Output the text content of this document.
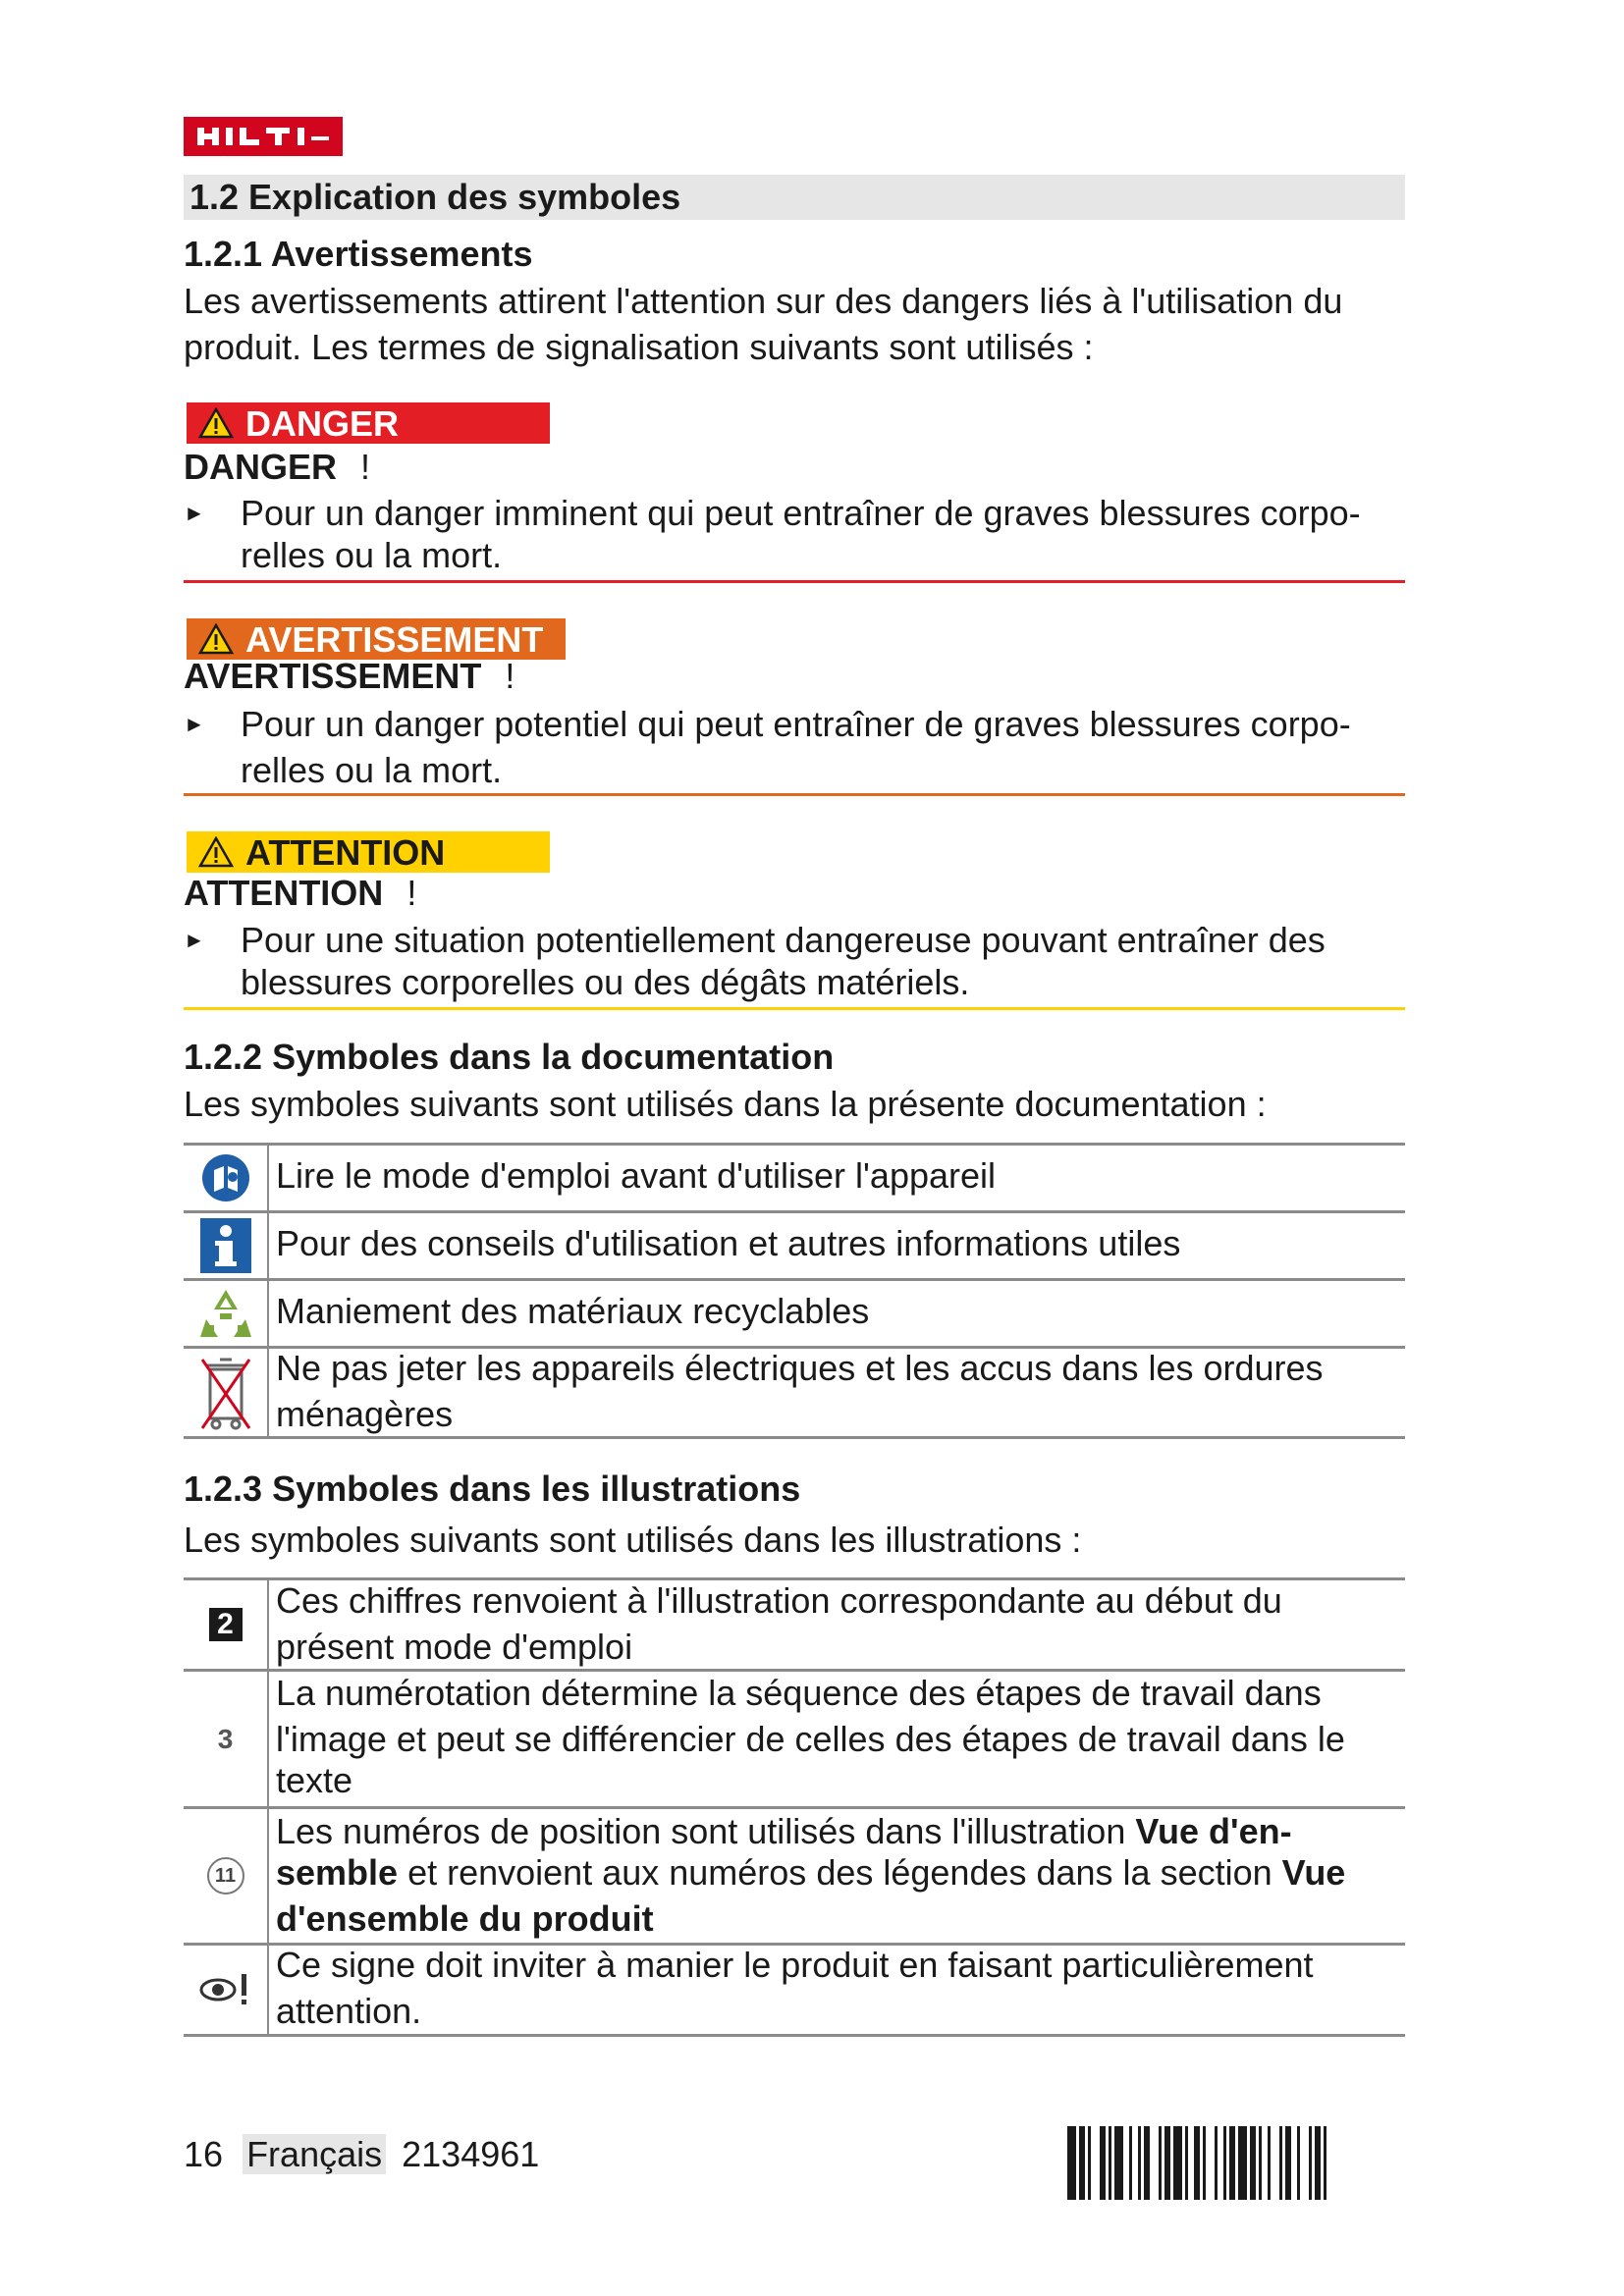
1.2 Explication des symboles
1.2.1 Avertissements
Les avertissements attirent l'attention sur des dangers liés à l'utilisation du
produit. Les termes de signalisation suivants sont utilisés :
DANGER
DANGER !
► Pour un danger imminent qui peut entraîner de graves blessures corpo-
relles ou la mort.
AVERTISSEMENT
AVERTISSEMENT !
► Pour un danger potentiel qui peut entraîner de graves blessures corpo-
relles ou la mort.
ATTENTION
ATTENTION !
► Pour une situation potentiellement dangereuse pouvant entraîner des
blessures corporelles ou des dégâts matériels.
1.2.2 Symboles dans la documentation
Les symboles suivants sont utilisés dans la présente documentation :
Lire le mode d'emploi avant d'utiliser l'appareil
Pour des conseils d'utilisation et autres informations utiles
Maniement des matériaux recyclables
Ne pas jeter les appareils électriques et les accus dans les ordures
ménagères
1.2.3 Symboles dans les illustrations
Les symboles suivants sont utilisés dans les illustrations :
2
Ces chiffres renvoient à l'illustration correspondante au début du
présent mode d'emploi
3
La numérotation détermine la séquence des étapes de travail dans
l'image et peut se différencier de celles des étapes de travail dans le
texte
11
Les numéros de position sont utilisés dans l'illustration Vue d'en-
semble et renvoient aux numéros des légendes dans la section Vue
d'ensemble du produit
Ce signe doit inviter à manier le produit en faisant particulièrement
attention.
16 Français 2134961
